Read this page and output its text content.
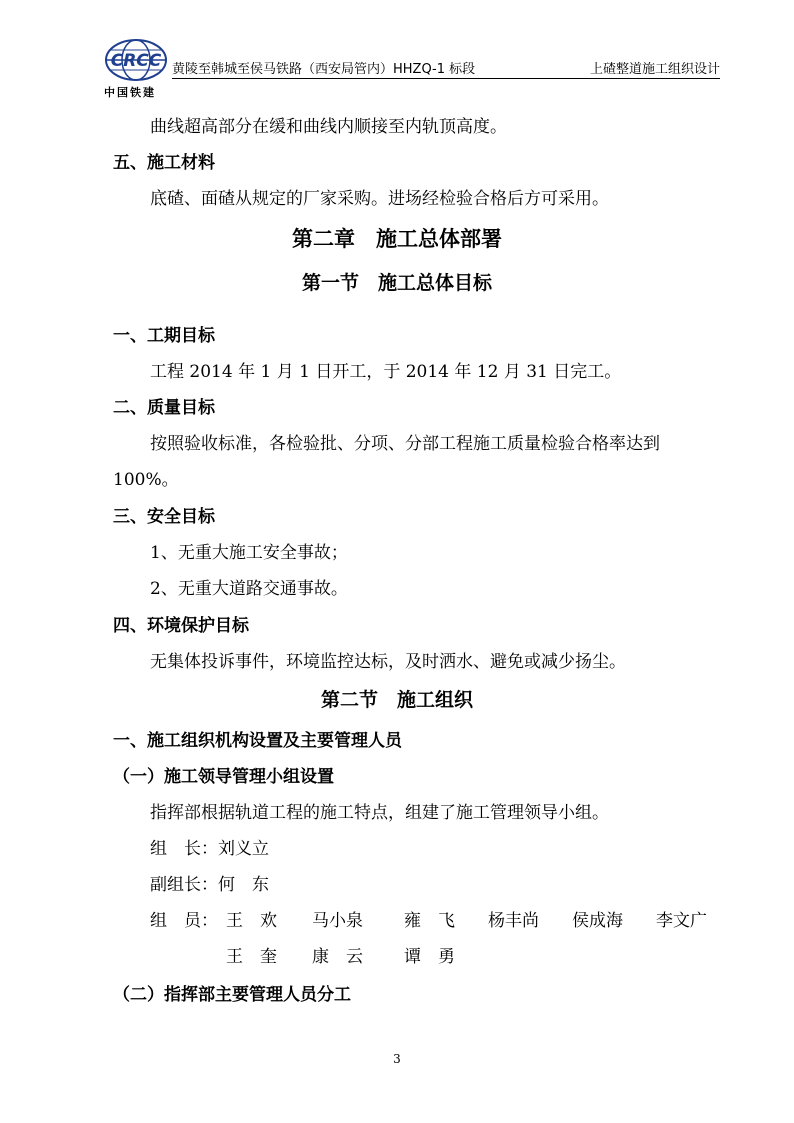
CRCC
中国铁建
黄陵至韩城至侯马铁路（西安局管内）HHZQ-1 标段	上碴整道施工组织设计
曲线超高部分在缓和曲线内顺接至内轨顶高度。
五、施工材料
底碴、面碴从规定的厂家采购。进场经检验合格后方可采用。
第二章　施工总体部署
第一节　施工总体目标
一、工期目标
工程 2014 年 1 月 1 日开工，于 2014 年 12 月 31 日完工。
二、质量目标
按照验收标准，各检验批、分项、分部工程施工质量检验合格率达到
100%。
三、安全目标
1、无重大施工安全事故；
2、无重大道路交通事故。
四、环境保护目标
无集体投诉事件，环境监控达标，及时洒水、避免或减少扬尘。
第二节　施工组织
一、施工组织机构设置及主要管理人员
（一）施工领导管理小组设置
指挥部根据轨道工程的施工特点，组建了施工管理领导小组。
组　长：刘义立
副组长：何　东
组　员： 王　欢 马小泉 雍　飞 杨丰尚 侯成海 李文广
王　奎 康　云 谭　勇
（二）指挥部主要管理人员分工
3
